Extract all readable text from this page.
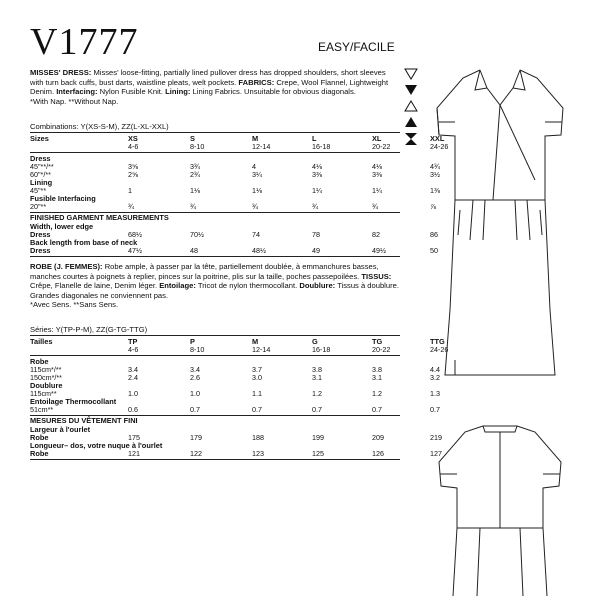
V1777	EASY/FACILE
MISSES' DRESS: Misses' loose-fitting, partially lined pullover dress has dropped shoulders, short sleeves with turn back cuffs, bust darts, waistline pleats, welt pockets. FABRICS: Crepe, Wool Flannel, Lightweight Denim. Interfacing: Nylon Fusible Knit. Lining: Lining Fabrics. Unsuitable for obvious diagonals.
*With Nap. **Without Nap.
Combinations: Y(XS-S-M), ZZ(L-XL-XXL)
Sizes	XS	S	M	L	XL	XXL
4-6	8-10	12-14	16-18	20-22	24-26
Dress
45"**/**	3⅝	3¾	4	4⅛	4⅛	4¾
60"*/**	2⅝	2¾	3¼	3⅜	3⅜	3½
Lining
45"**	1	1⅛	1⅛	1¼	1¼	1⅜
Fusible Interfacing
20"**	¾	¾	¾	¾	¾	⅞
FINISHED GARMENT MEASUREMENTS
Width, lower edge
Dress	68½	70½	74	78	82	86
Back length from base of neck
Dress	47½	48	48½	49	49½	50
ROBE (J. FEMMES): Robe ample, à passer par la tête, partiellement doublée, à emmanchures basses, manches courtes à poignets à replier, pinces sur la poitrine, plis sur la taille, poches passepoilées. TISSUS: Crêpe, Flanelle de laine, Denim léger. Entoilage: Tricot de nylon thermocollant. Doublure: Tissus à doublure. Grandes diagonales ne conviennent pas.
*Avec Sens. **Sans Sens.
Séries: Y(TP-P-M), ZZ(G-TG-TTG)
Tailles	TP	P	M	G	TG	TTG
4-6	8-10	12-14	16-18	20-22	24-26
Robe
115cm*/**	3.4	3.4	3.7	3.8	3.8	4.4
150cm*/**	2.4	2.6	3.0	3.1	3.1	3.2
Doublure
115cm**	1.0	1.0	1.1	1.2	1.2	1.3
Entoilage Thermocollant
51cm**	0.6	0.7	0.7	0.7	0.7	0.7
MESURES DU VÊTEMENT FINI
Largeur à l'ourlet
Robe	175	179	188	199	209	219
Longueur– dos, votre nuque à l'ourlet
Robe	121	122	123	125	126	127
